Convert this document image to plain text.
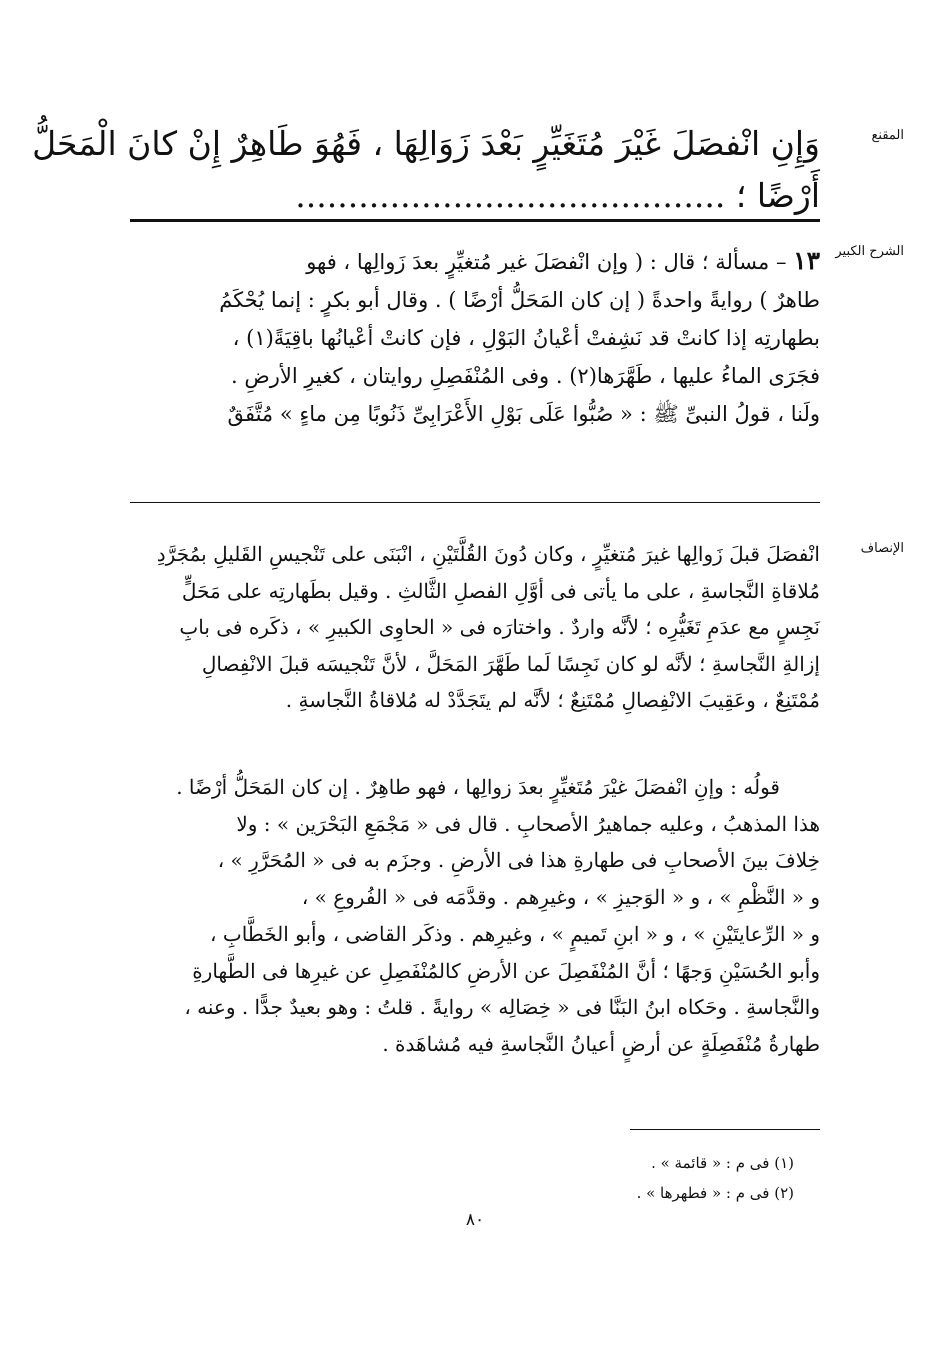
المقنع
وَإِنِ انْفصَلَ غَيْرَ مُتَغَيِّرٍ بَعْدَ زَوَالِهَا ، فَهُوَ طَاهِرٌ إِنْ كانَ الْمَحَلُّ
أَرْضًا ؛ .........................................
الشرح الكبير
١٣ – مسألة ؛ قال : ( وإن انْفصَلَ غير مُتغيِّرٍ بعدَ زَوالِها ، فهو
طاهرٌ ) روايةً واحدةً ( إن كان المَحَلُّ أرْضًا ) . وقال أبو بكرٍ : إنما يُحْكَمُ
بطهارتِه إذا كانتْ قد نَشِفتْ أعْيانُ البَوْلِ ، فإن كانتْ أعْيانُها باقِيَةً(١) ،
فجَرَى الماءُ عليها ، طَهَّرَها(٢) . وفى المُنْفَصِلِ روايتان ، كغيرِ الأرضِ .
ولَنا ، قولُ النبىِّ ﷺ : « صُبُّوا عَلَى بَوْلِ الأَعْرَابِىِّ ذَنُوبًا مِن ماءٍ » مُتَّفَقٌ
الإنصاف
انْفصَلَ قبلَ زَوالِها غيرَ مُتغيِّرٍ ، وكان دُونَ القُلَّتَيْنِ ، انْبَنَى على تَنْجيسِ القَليلِ بمُجَرَّدِ
مُلاقاةِ النَّجاسةِ ، على ما يأتى فى أوَّلِ الفصلِ الثَّالثِ . وقيل بطَهارتِه على مَحَلٍّ
نَجِسٍ مع عدَمِ تَغَيُّرِه ؛ لأنَّه واردٌ . واختارَه فى « الحاوِى الكبيرِ » ، ذكَره فى بابِ
إزالةِ النَّجاسةِ ؛ لأنَّه لو كان نَجِسًا لَما طَهَّرَ المَحَلَّ ، لأنَّ تَنْجيسَه قبلَ الانْفِصالِ
مُمْتَنِعٌ ، وعَقِيبَ الانْفِصالِ مُمْتَنِعٌ ؛ لأنَّه لم يتَجَدَّدْ له مُلاقاةُ النَّجاسةِ .
قولُه : وإنِ انْفصَلَ غيْرَ مُتَغيِّرٍ بعدَ زوالِها ، فهو طاهِرٌ . إن كان المَحَلُّ أرْضًا .
هذا المذهبُ ، وعليه جماهيرُ الأصحابِ . قال فى « مَجْمَعِ البَحْرَين » : ولا
خِلافَ بينَ الأصحابِ فى طهارةِ هذا فى الأرضِ . وجزَم به فى « المُحَرَّرِ » ،
و « النَّظْمِ » ، و « الوَجيزِ » ، وغيرِهم . وقدَّمَه فى « الفُروعِ » ،
و « الرِّعايتَيْنِ » ، و « ابنِ تَميمٍ » ، وغيرِهم . وذكَر القاضى ، وأبو الخَطَّابِ ،
وأبو الحُسَيْنِ وَجهًا ؛ أنَّ المُنْفَصِلَ عن الأرضِ كالمُنْفَصِلِ عن غيرِها فى الطَّهارةِ
والنَّجاسةِ . وحَكاه ابنُ البَنَّا فى « خِصَالِه » روايةً . قلتُ : وهو بعيدٌ جدًّا . وعنه ،
طهارةُ مُنْفَصِلَةٍ عن أرضٍ أعيانُ النَّجاسةِ فيه مُشاهَدة .
(١) فى م : « قائمة » .
(٢) فى م : « فطهرها » .
٨٠
